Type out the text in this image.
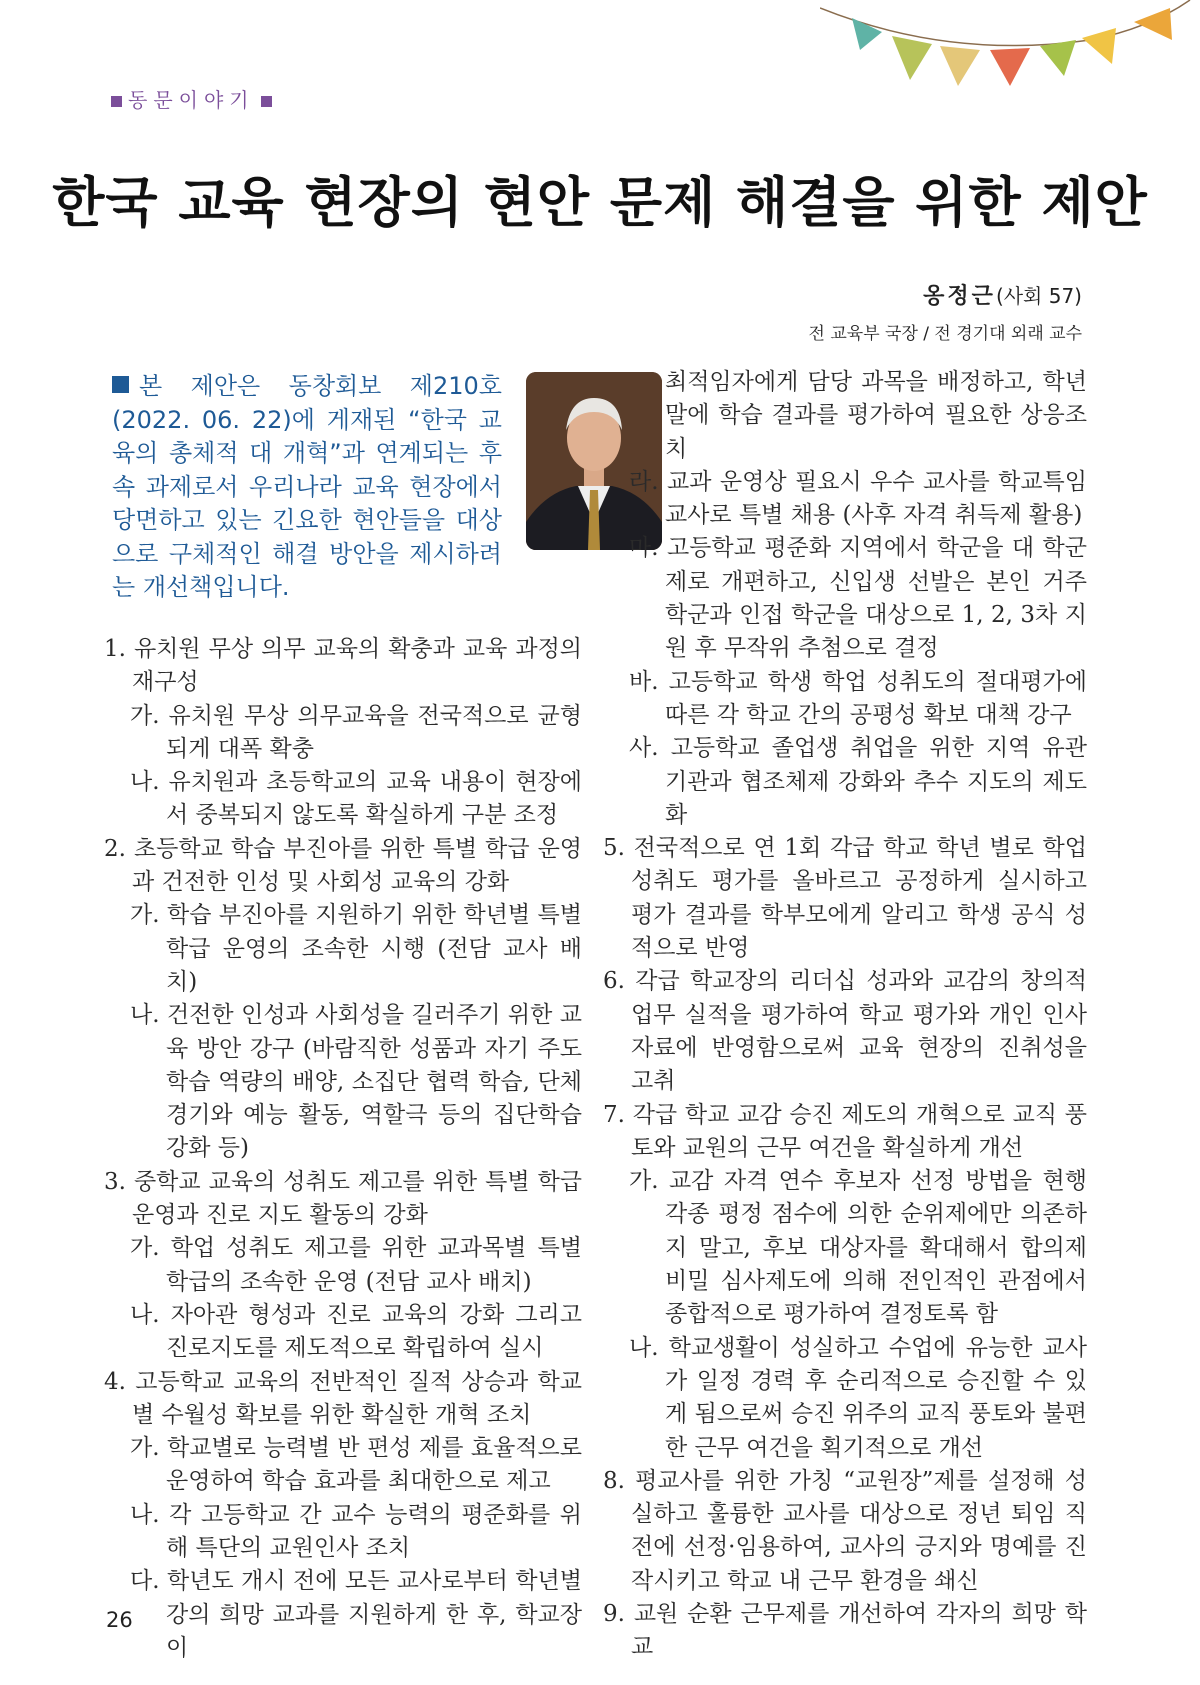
동문이야기
한국 교육 현장의 현안 문제 해결을 위한 제안
옹정근(사회 57)
전 교육부 국장 / 전 경기대 외래 교수
본 제안은 동창회보 제210호(2022. 06. 22)에 게재된 “한국 교육의 총체적 대 개혁”과 연계되는 후속 과제로서 우리나라 교육 현장에서 당면하고 있는 긴요한 현안들을 대상으로 구체적인 해결 방안을 제시하려는 개선책입니다.
1. 유치원 무상 의무 교육의 확충과 교육 과정의 재구성
가. 유치원 무상 의무교육을 전국적으로 균형되게 대폭 확충
나. 유치원과 초등학교의 교육 내용이 현장에서 중복되지 않도록 확실하게 구분 조정
2. 초등학교 학습 부진아를 위한 특별 학급 운영과 건전한 인성 및 사회성 교육의 강화
가. 학습 부진아를 지원하기 위한 학년별 특별학급 운영의 조속한 시행 (전담 교사 배치)
나. 건전한 인성과 사회성을 길러주기 위한 교육 방안 강구 (바람직한 성품과 자기 주도 학습 역량의 배양, 소집단 협력 학습, 단체 경기와 예능 활동, 역할극 등의 집단학습 강화 등)
3. 중학교 교육의 성취도 제고를 위한 특별 학급 운영과 진로 지도 활동의 강화
가. 학업 성취도 제고를 위한 교과목별 특별 학급의 조속한 운영 (전담 교사 배치)
나. 자아관 형성과 진로 교육의 강화 그리고 진로지도를 제도적으로 확립하여 실시
4. 고등학교 교육의 전반적인 질적 상승과 학교별 수월성 확보를 위한 확실한 개혁 조치
가. 학교별로 능력별 반 편성 제를 효율적으로 운영하여 학습 효과를 최대한으로 제고
나. 각 고등학교 간 교수 능력의 평준화를 위해 특단의 교원인사 조치
다. 학년도 개시 전에 모든 교사로부터 학년별 강의 희망 교과를 지원하게 한 후, 학교장이
최적임자에게 담당 과목을 배정하고, 학년말에 학습 결과를 평가하여 필요한 상응조치
라. 교과 운영상 필요시 우수 교사를 학교특임 교사로 특별 채용 (사후 자격 취득제 활용)
마. 고등학교 평준화 지역에서 학군을 대 학군제로 개편하고, 신입생 선발은 본인 거주 학군과 인접 학군을 대상으로 1, 2, 3차 지원 후 무작위 추첨으로 결정
바. 고등학교 학생 학업 성취도의 절대평가에 따른 각 학교 간의 공평성 확보 대책 강구
사. 고등학교 졸업생 취업을 위한 지역 유관 기관과 협조체제 강화와 추수 지도의 제도화
5. 전국적으로 연 1회 각급 학교 학년 별로 학업 성취도 평가를 올바르고 공정하게 실시하고 평가 결과를 학부모에게 알리고 학생 공식 성적으로 반영
6. 각급 학교장의 리더십 성과와 교감의 창의적 업무 실적을 평가하여 학교 평가와 개인 인사 자료에 반영함으로써 교육 현장의 진취성을 고취
7. 각급 학교 교감 승진 제도의 개혁으로 교직 풍토와 교원의 근무 여건을 확실하게 개선
가. 교감 자격 연수 후보자 선정 방법을 현행 각종 평정 점수에 의한 순위제에만 의존하지 말고, 후보 대상자를 확대해서 합의제 비밀 심사제도에 의해 전인적인 관점에서 종합적으로 평가하여 결정토록 함
나. 학교생활이 성실하고 수업에 유능한 교사가 일정 경력 후 순리적으로 승진할 수 있게 됨으로써 승진 위주의 교직 풍토와 불편한 근무 여건을 획기적으로 개선
8. 평교사를 위한 가칭 “교원장”제를 설정해 성실하고 훌륭한 교사를 대상으로 정년 퇴임 직전에 선정·임용하여, 교사의 긍지와 명예를 진작시키고 학교 내 근무 환경을 쇄신
9. 교원 순환 근무제를 개선하여 각자의 희망 학교
26
